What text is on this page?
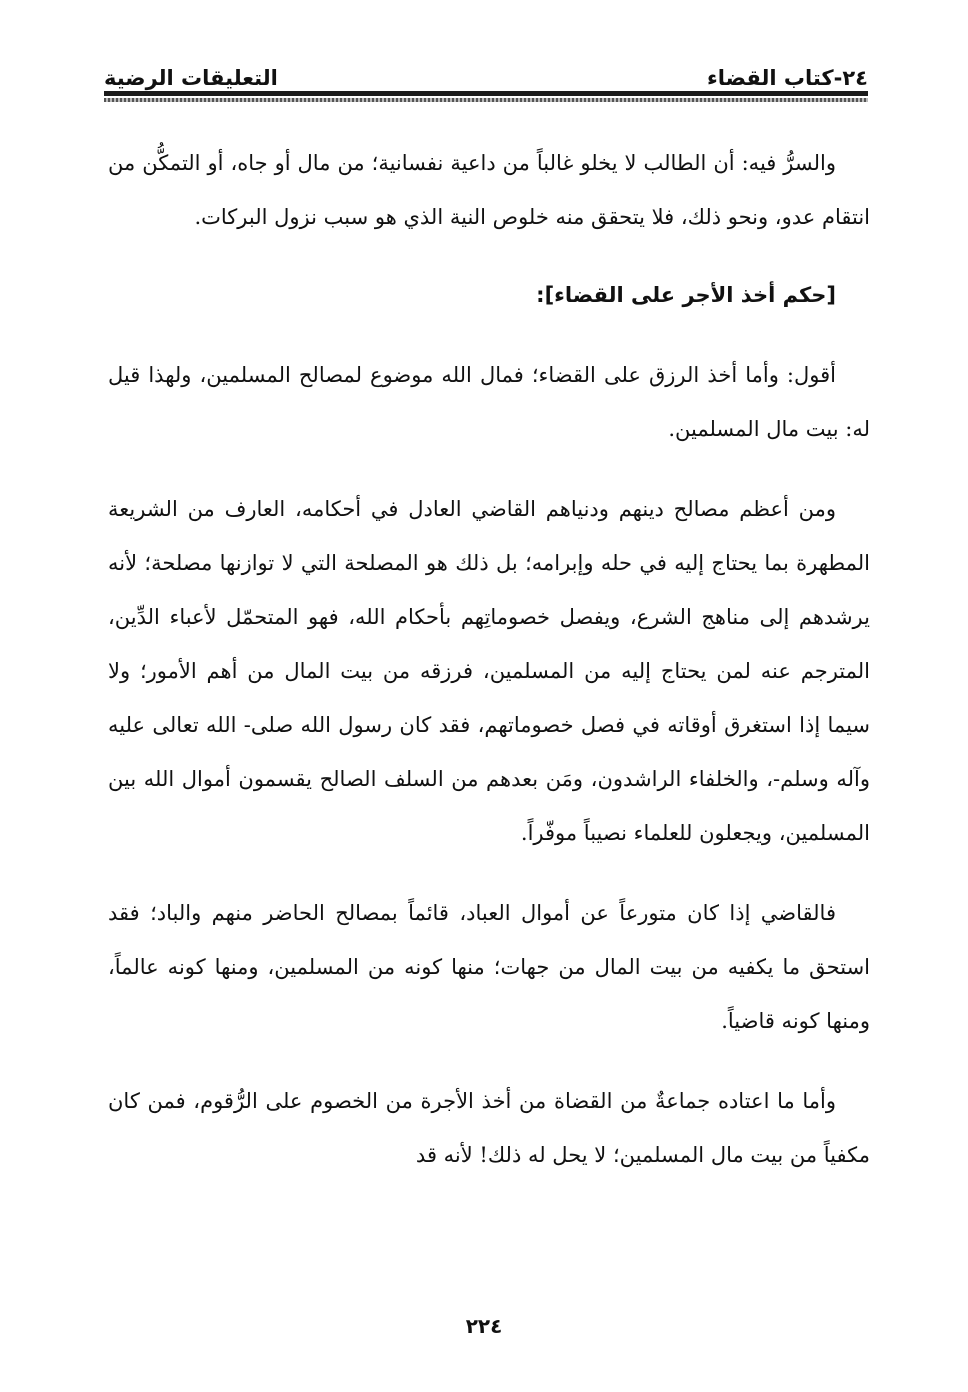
٢٤-كتاب القضاء
التعليقات الرضية

والسرُّ فيه: أن الطالب لا يخلو غالباً من داعية نفسانية؛ من مال أو جاه، أو التمكُّن من انتقام عدو، ونحو ذلك، فلا يتحقق منه خلوص النية الذي هو سبب نزول البركات.

[حكم أخذ الأجر على القضاء]:

أقول: وأما أخذ الرزق على القضاء؛ فمال الله موضوع لمصالح المسلمين، ولهذا قيل له: بيت مال المسلمين.

ومن أعظم مصالح دينهم ودنياهم القاضي العادل في أحكامه، العارف من الشريعة المطهرة بما يحتاج إليه في حله وإبرامه؛ بل ذلك هو المصلحة التي لا توازنها مصلحة؛ لأنه يرشدهم إلى مناهج الشرع، ويفصل خصوماتِهم بأحكام الله، فهو المتحمّل لأعباء الدِّين، المترجم عنه لمن يحتاج إليه من المسلمين، فرزقه من بيت المال من أهم الأمور؛ ولا سيما إذا استغرق أوقاته في فصل خصوماتهم، فقد كان رسول الله صلى- الله تعالى عليه وآله وسلم-، والخلفاء الراشدون، ومَن بعدهم من السلف الصالح يقسمون أموال الله بين المسلمين، ويجعلون للعلماء نصيباً موفّراً.

فالقاضي إذا كان متورعاً عن أموال العباد، قائماً بمصالح الحاضر منهم والباد؛ فقد استحق ما يكفيه من بيت المال من جهات؛ منها كونه من المسلمين، ومنها كونه عالماً، ومنها كونه قاضياً.

وأما ما اعتاده جماعةٌ من القضاة من أخذ الأجرة من الخصوم على الرُّقوم، فمن كان مكفياً من بيت مال المسلمين؛ لا يحل له ذلك! لأنه قد

٢٢٤
